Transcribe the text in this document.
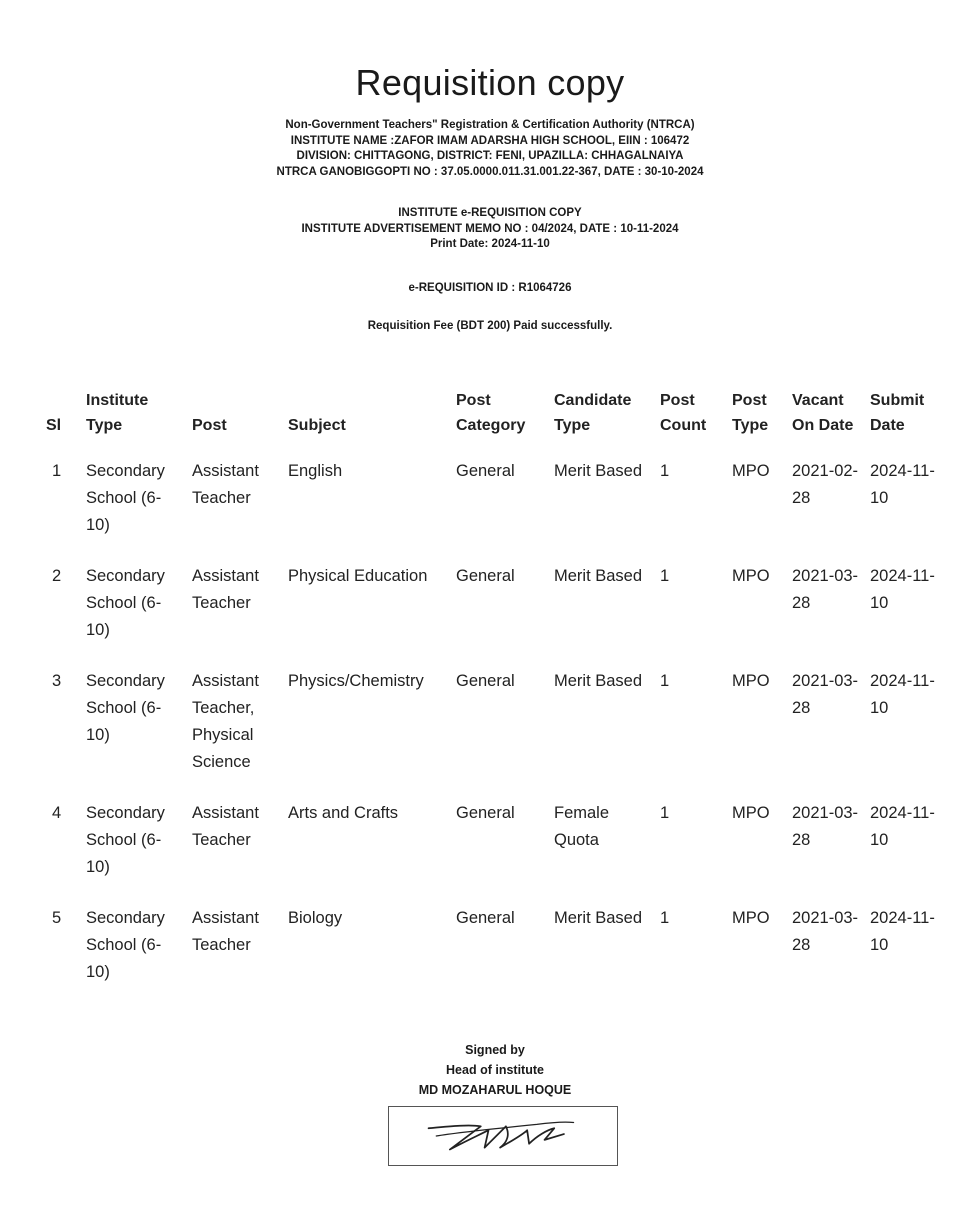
Requisition copy
Non-Government Teachers" Registration & Certification Authority (NTRCA)
INSTITUTE NAME :ZAFOR IMAM ADARSHA HIGH SCHOOL, EIIN : 106472
DIVISION: CHITTAGONG, DISTRICT: FENI, UPAZILLA: CHHAGALNAIYA
NTRCA GANOBIGGOPTI NO : 37.05.0000.011.31.001.22-367, DATE : 30-10-2024
INSTITUTE e-REQUISITION COPY
INSTITUTE ADVERTISEMENT MEMO NO : 04/2024, DATE : 10-11-2024
Print Date: 2024-11-10
e-REQUISITION ID : R1064726
Requisition Fee (BDT 200) Paid successfully.
Sl	Institute Type	Post	Subject	Post Category	Candidate Type	Post Count	Post Type	Vacant On Date	Submit Date
1	Secondary School (6-10)	Assistant Teacher	English	General	Merit Based	1	MPO	2021-02-28	2024-11-10
2	Secondary School (6-10)	Assistant Teacher	Physical Education	General	Merit Based	1	MPO	2021-03-28	2024-11-10
3	Secondary School (6-10)	Assistant Teacher, Physical Science	Physics/Chemistry	General	Merit Based	1	MPO	2021-03-28	2024-11-10
4	Secondary School (6-10)	Assistant Teacher	Arts and Crafts	General	Female Quota	1	MPO	2021-03-28	2024-11-10
5	Secondary School (6-10)	Assistant Teacher	Biology	General	Merit Based	1	MPO	2021-03-28	2024-11-10
Signed by
Head of institute
MD MOZAHARUL HOQUE
